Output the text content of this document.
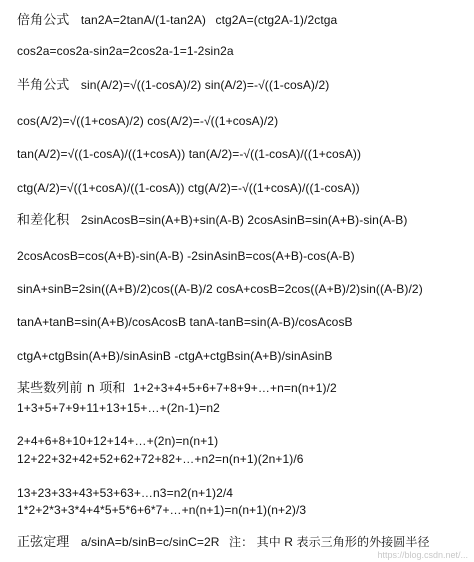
倍角公式 tan2A=2tanA/(1-tan2A) ctg2A=(ctg2A-1)/2ctga
cos2a=cos2a-sin2a=2cos2a-1=1-2sin2a
半角公式 sin(A/2)=√((1-cosA)/2) sin(A/2)=-√((1-cosA)/2)
cos(A/2)=√((1+cosA)/2) cos(A/2)=-√((1+cosA)/2)
tan(A/2)=√((1-cosA)/((1+cosA)) tan(A/2)=-√((1-cosA)/((1+cosA))
ctg(A/2)=√((1+cosA)/((1-cosA)) ctg(A/2)=-√((1+cosA)/((1-cosA))
和差化积 2sinAcosB=sin(A+B)+sin(A-B) 2cosAsinB=sin(A+B)-sin(A-B)
2cosAcosB=cos(A+B)-sin(A-B) -2sinAsinB=cos(A+B)-cos(A-B)
sinA+sinB=2sin((A+B)/2)cos((A-B)/2 cosA+cosB=2cos((A+B)/2)sin((A-B)/2)
tanA+tanB=sin(A+B)/cosAcosB tanA-tanB=sin(A-B)/cosAcosB
ctgA+ctgBsin(A+B)/sinAsinB -ctgA+ctgBsin(A+B)/sinAsinB
某些数列前 n 项和 1+2+3+4+5+6+7+8+9+…+n=n(n+1)/2
1+3+5+7+9+11+13+15+…+(2n-1)=n2
2+4+6+8+10+12+14+…+(2n)=n(n+1)
12+22+32+42+52+62+72+82+…+n2=n(n+1)(2n+1)/6
13+23+33+43+53+63+…n3=n2(n+1)2/4
1*2+2*3+3*4+4*5+5*6+6*7+…+n(n+1)=n(n+1)(n+2)/3
正弦定理 a/sinA=b/sinB=c/sinC=2R 注： 其中 R 表示三角形的外接圆半径
https://blog.csdn.net/...
